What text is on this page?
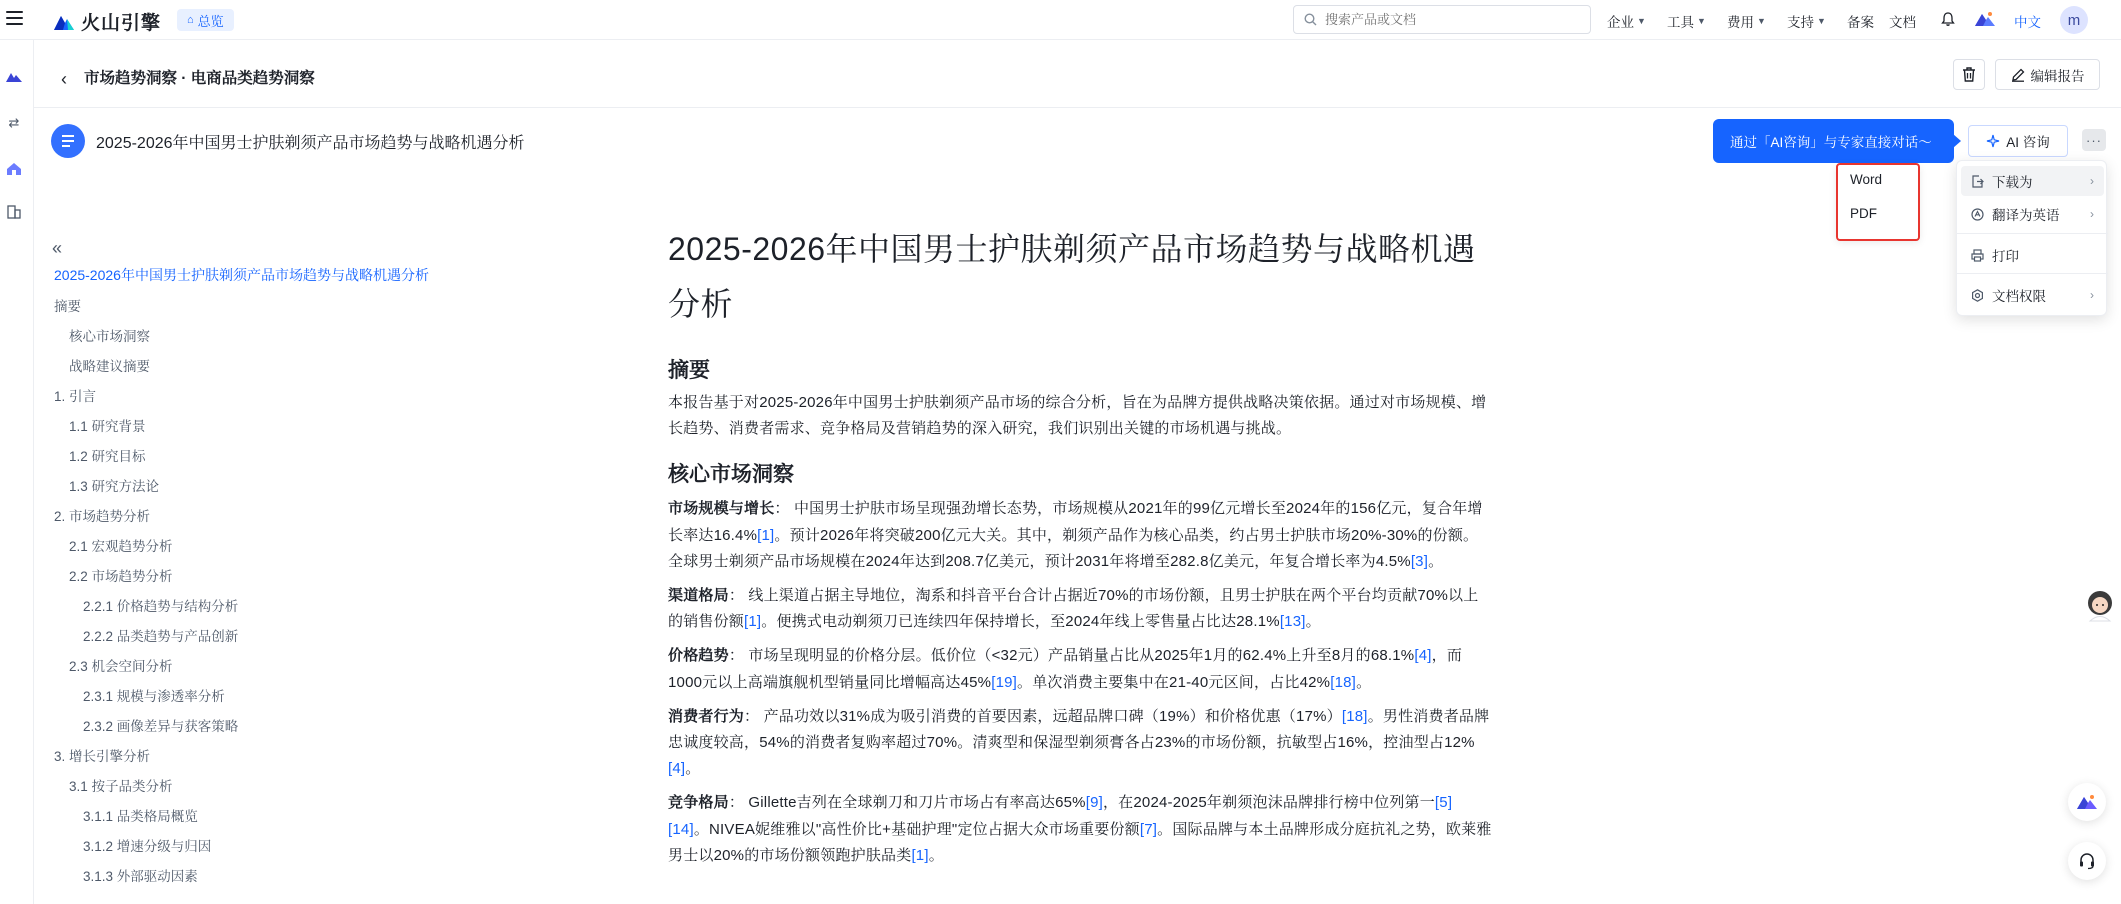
火山引擎 ⌂ 总览
搜索产品或文档	企业 ▼ 工具 ▼ 费用 ▼ 支持 ▼ 备案 文档	中文	m
⇄
‹ 市场趋势洞察 · 电商品类趋势洞察	编辑报告
2025-2026年中国男士护肤剃须产品市场趋势与战略机遇分析	通过「AI咨询」与专家直接对话～	AI 咨询	···
Word
PDF
下载为	›
翻译为英语	›
打印
文档权限	›
«
2025-2026年中国男士护肤剃须产品市场趋势与战略机遇分析
摘要
核心市场洞察
战略建议摘要
1. 引言
1.1 研究背景
1.2 研究目标
1.3 研究方法论
2. 市场趋势分析
2.1 宏观趋势分析
2.2 市场趋势分析
2.2.1 价格趋势与结构分析
2.2.2 品类趋势与产品创新
2.3 机会空间分析
2.3.1 规模与渗透率分析
2.3.2 画像差异与获客策略
3. 增长引擎分析
3.1 按子品类分析
3.1.1 品类格局概览
3.1.2 增速分级与归因
3.1.3 外部驱动因素
2025-2026年中国男士护肤剃须产品市场趋势与战略机遇分析
摘要
本报告基于对2025-2026年中国男士护肤剃须产品市场的综合分析，旨在为品牌方提供战略决策依据。通过对市场规模、增长趋势、消费者需求、竞争格局及营销趋势的深入研究，我们识别出关键的市场机遇与挑战。
核心市场洞察
市场规模与增长： 中国男士护肤市场呈现强劲增长态势，市场规模从2021年的99亿元增长至2024年的156亿元，复合年增长率达16.4%[1]。预计2026年将突破200亿元大关。其中，剃须产品作为核心品类，约占男士护肤市场20%-30%的份额。全球男士剃须产品市场规模在2024年达到208.7亿美元，预计2031年将增至282.8亿美元，年复合增长率为4.5%[3]。
渠道格局： 线上渠道占据主导地位，淘系和抖音平台合计占据近70%的市场份额，且男士护肤在两个平台均贡献70%以上的销售份额[1]。便携式电动剃须刀已连续四年保持增长，至2024年线上零售量占比达28.1%[13]。
价格趋势： 市场呈现明显的价格分层。低价位（<32元）产品销量占比从2025年1月的62.4%上升至8月的68.1%[4]，而1000元以上高端旗舰机型销量同比增幅高达45%[19]。单次消费主要集中在21-40元区间，占比42%[18]。
消费者行为： 产品功效以31%成为吸引消费的首要因素，远超品牌口碑（19%）和价格优惠（17%）[18]。男性消费者品牌忠诚度较高，54%的消费者复购率超过70%。清爽型和保湿型剃须膏各占23%的市场份额，抗敏型占16%，控油型占12%[4]。
竞争格局： Gillette吉列在全球剃刀和刀片市场占有率高达65%[9]，在2024-2025年剃须泡沫品牌排行榜中位列第一[5][14]。NIVEA妮维雅以"高性价比+基础护理"定位占据大众市场重要份额[7]。国际品牌与本土品牌形成分庭抗礼之势，欧莱雅男士以20%的市场份额领跑护肤品类[1]。
